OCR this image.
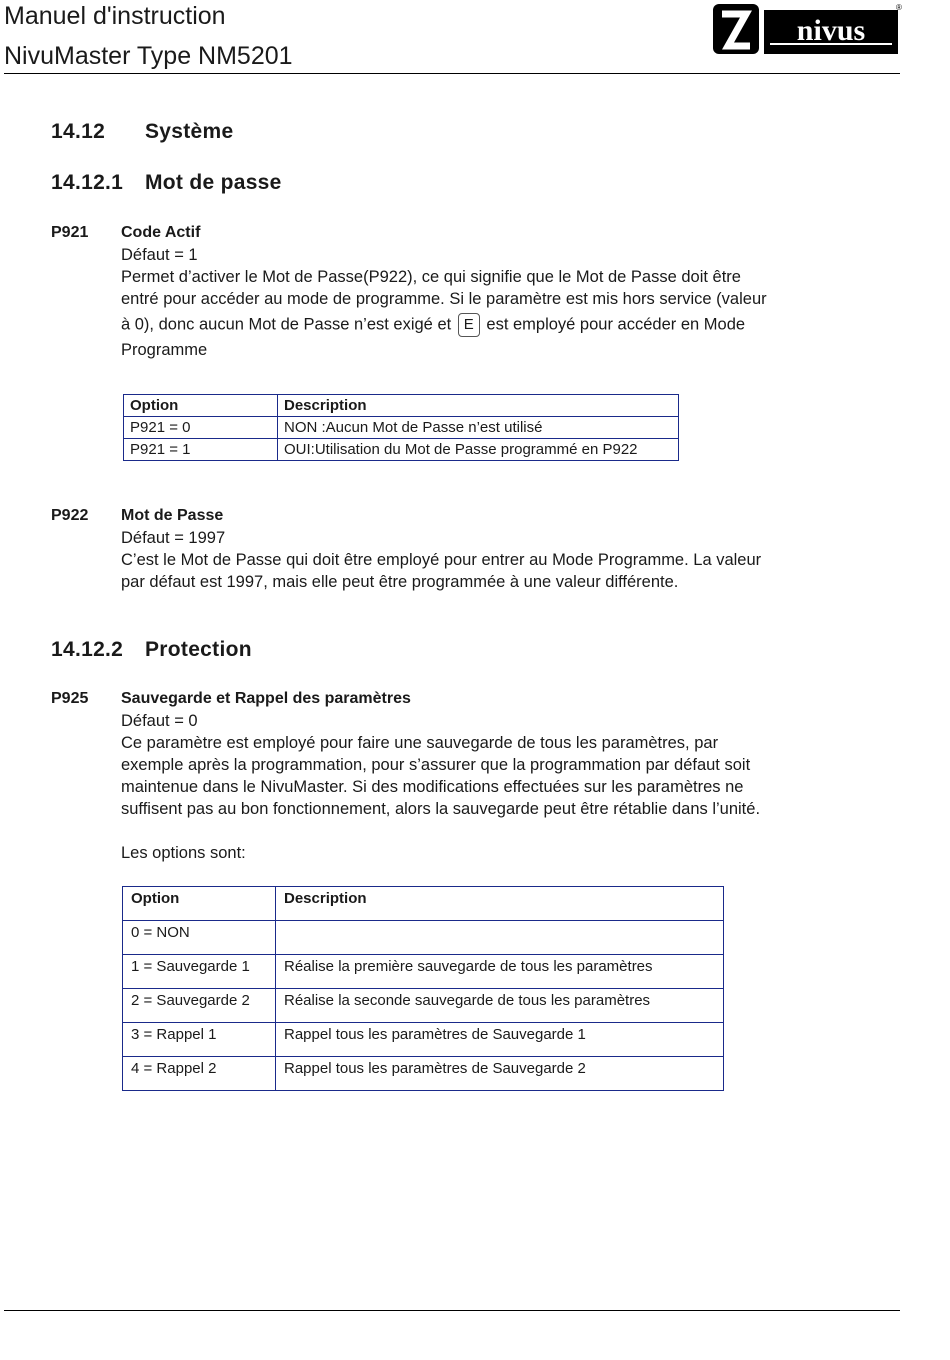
Manuel d'instruction
NivuMaster Type NM5201
nivus
®
14.12 Système
14.12.1 Mot de passe
P921 Code Actif
Défaut = 1
Permet d’activer le Mot de Passe(P922), ce qui signifie que le Mot de Passe doit être
entré pour accéder au mode de programme. Si le paramètre est mis hors service (valeur
à 0), donc aucun Mot de Passe n’est exigé et E est employé pour accéder en Mode
Programme
Option	Description
P921 = 0	NON :Aucun Mot de Passe n’est utilisé
P921 = 1	OUI:Utilisation du Mot de Passe programmé en P922
P922 Mot de Passe
Défaut = 1997
C’est le Mot de Passe qui doit être employé pour entrer au Mode Programme. La valeur
par défaut est 1997, mais elle peut être programmée à une valeur différente.
14.12.2 Protection
P925 Sauvegarde et Rappel des paramètres
Défaut = 0
Ce paramètre est employé pour faire une sauvegarde de tous les paramètres, par
exemple après la programmation, pour s’assurer que la programmation par défaut soit
maintenue dans le NivuMaster. Si des modifications effectuées sur les paramètres ne
suffisent pas au bon fonctionnement, alors la sauvegarde peut être rétablie dans l’unité.
Les options sont:
Option	Description
0 = NON	
1 = Sauvegarde 1	Réalise la première sauvegarde de tous les paramètres
2 = Sauvegarde 2	Réalise la seconde sauvegarde de tous les paramètres
3 = Rappel 1	Rappel tous les paramètres de Sauvegarde 1
4 = Rappel 2	Rappel tous les paramètres de Sauvegarde 2
